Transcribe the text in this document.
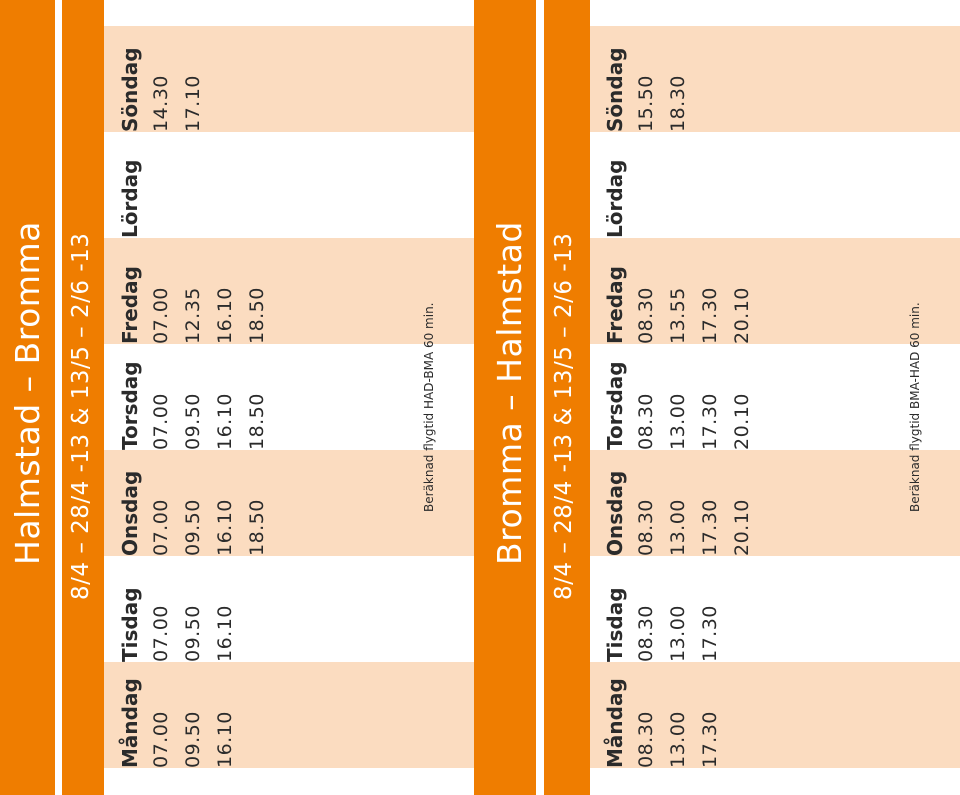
Halmstad – Bromma 8/4 – 28/4 -13 & 13/5 – 2/6 -13
Måndag 07.00 09.50 16.10
Tisdag 07.00 09.50 16.10
Onsdag 07.00 09.50 16.10 18.50
Torsdag 07.00 09.50 16.10 18.50
Fredag 07.00 12.35 16.10 18.50
Lördag
Söndag 14.30 17.10
Beräknad flygtid HAD-BMA 60 min. Bromma – Halmstad 8/4 – 28/4 -13 & 13/5 – 2/6 -13
Måndag 08.30 13.00 17.30
Tisdag 08.30 13.00 17.30
Onsdag 08.30 13.00 17.30 20.10
Torsdag 08.30 13.00 17.30 20.10
Fredag 08.30 13.55 17.30 20.10
Lördag
Söndag 15.50 18.30
Beräknad flygtid BMA-HAD 60 min.
